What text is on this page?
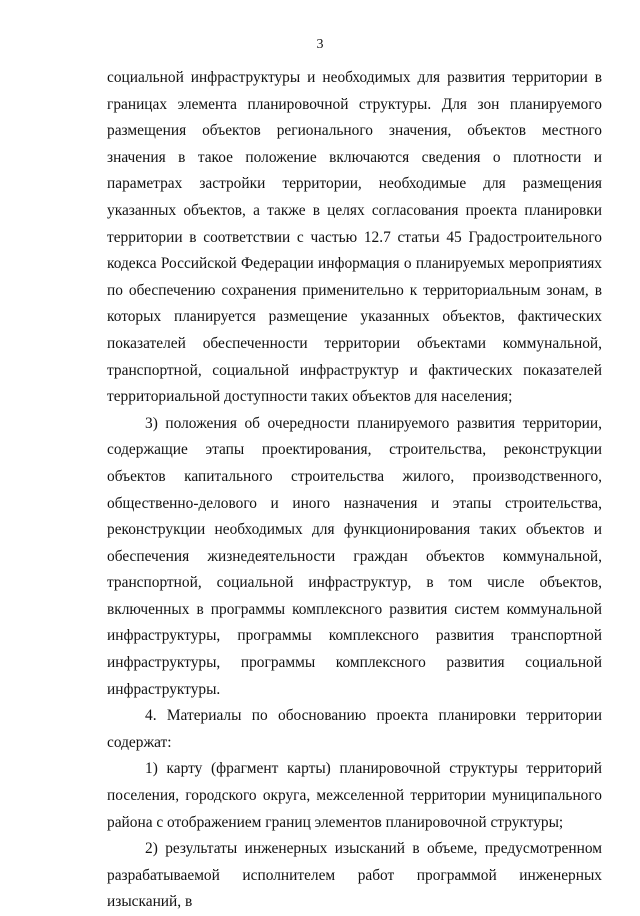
3

социальной инфраструктуры и необходимых для развития территории в границах элемента планировочной структуры. Для зон планируемого размещения объектов регионального значения, объектов местного значения в такое положение включаются сведения о плотности и параметрах застройки территории, необходимые для размещения указанных объектов, а также в целях согласования проекта планировки территории в соответствии с частью 12.7 статьи 45 Градостроительного кодекса Российской Федерации информация о планируемых мероприятиях по обеспечению сохранения применительно к территориальным зонам, в которых планируется размещение указанных объектов, фактических показателей обеспеченности территории объектами коммунальной, транспортной, социальной инфраструктур и фактических показателей территориальной доступности таких объектов для населения;

3) положения об очередности планируемого развития территории, содержащие этапы проектирования, строительства, реконструкции объектов капитального строительства жилого, производственного, общественно-делового и иного назначения и этапы строительства, реконструкции необходимых для функционирования таких объектов и обеспечения жизнедеятельности граждан объектов коммунальной, транспортной, социальной инфраструктур, в том числе объектов, включенных в программы комплексного развития систем коммунальной инфраструктуры, программы комплексного развития транспортной инфраструктуры, программы комплексного развития социальной инфраструктуры.

4. Материалы по обоснованию проекта планировки территории содержат:

1) карту (фрагмент карты) планировочной структуры территорий поселения, городского округа, межселенной территории муниципального района с отображением границ элементов планировочной структуры;

2) результаты инженерных изысканий в объеме, предусмотренном разрабатываемой исполнителем работ программой инженерных изысканий, в
